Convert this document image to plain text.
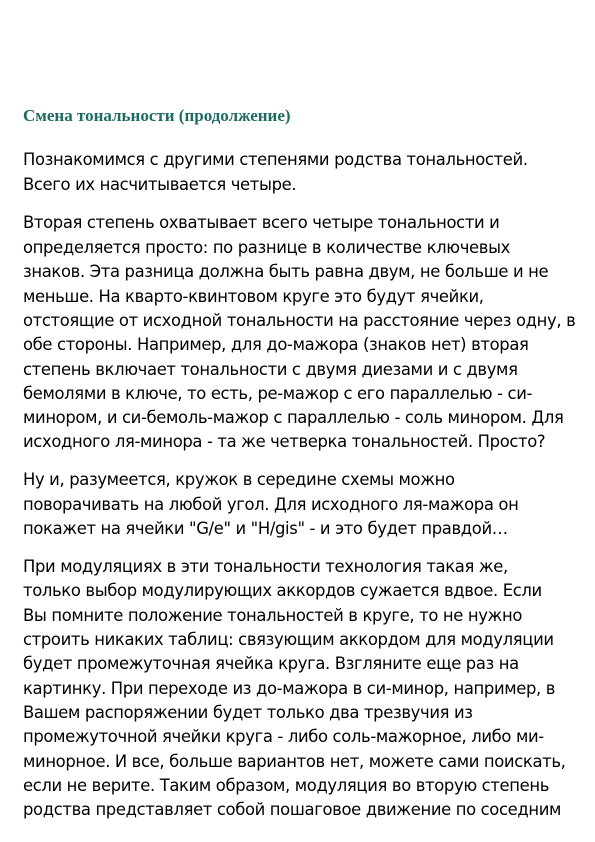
Смена тональности (продолжение)

Познакомимся с другими степенями родства тональностей.

Всего их насчитывается четыре.

Вторая степень охватывает всего четыре тональности и

определяется просто: по разнице в количестве ключевых

знаков. Эта разница должна быть равна двум, не больше и не

меньше. На кварто-квинтовом круге это будут ячейки,

отстоящие от исходной тональности на расстояние через одну, в

обе стороны. Например, для до-мажора (знаков нет) вторая

степень включает тональности с двумя диезами и с двумя

бемолями в ключе, то есть, ре-мажор с его параллелью - си-

минором, и си-бемоль-мажор с параллелью - соль минором. Для

исходного ля-минора - та же четверка тональностей. Просто?

Ну и, разумеется, кружок в середине схемы можно

поворачивать на любой угол. Для исходного ля-мажора он

покажет на ячейки "G/e" и "H/gis" - и это будет правдой…

При модуляциях в эти тональности технология такая же,

только выбор модулирующих аккордов сужается вдвое. Если

Вы помните положение тональностей в круге, то не нужно

строить никаких таблиц: связующим аккордом для модуляции

будет промежуточная ячейка круга. Взгляните еще раз на

картинку. При переходе из до-мажора в си-минор, например, в

Вашем распоряжении будет только два трезвучия из

промежуточной ячейки круга - либо соль-мажорное, либо ми-

минорное. И все, больше вариантов нет, можете сами поискать,

если не верите. Таким образом, модуляция во вторую степень

родства представляет собой пошаговое движение по соседним
